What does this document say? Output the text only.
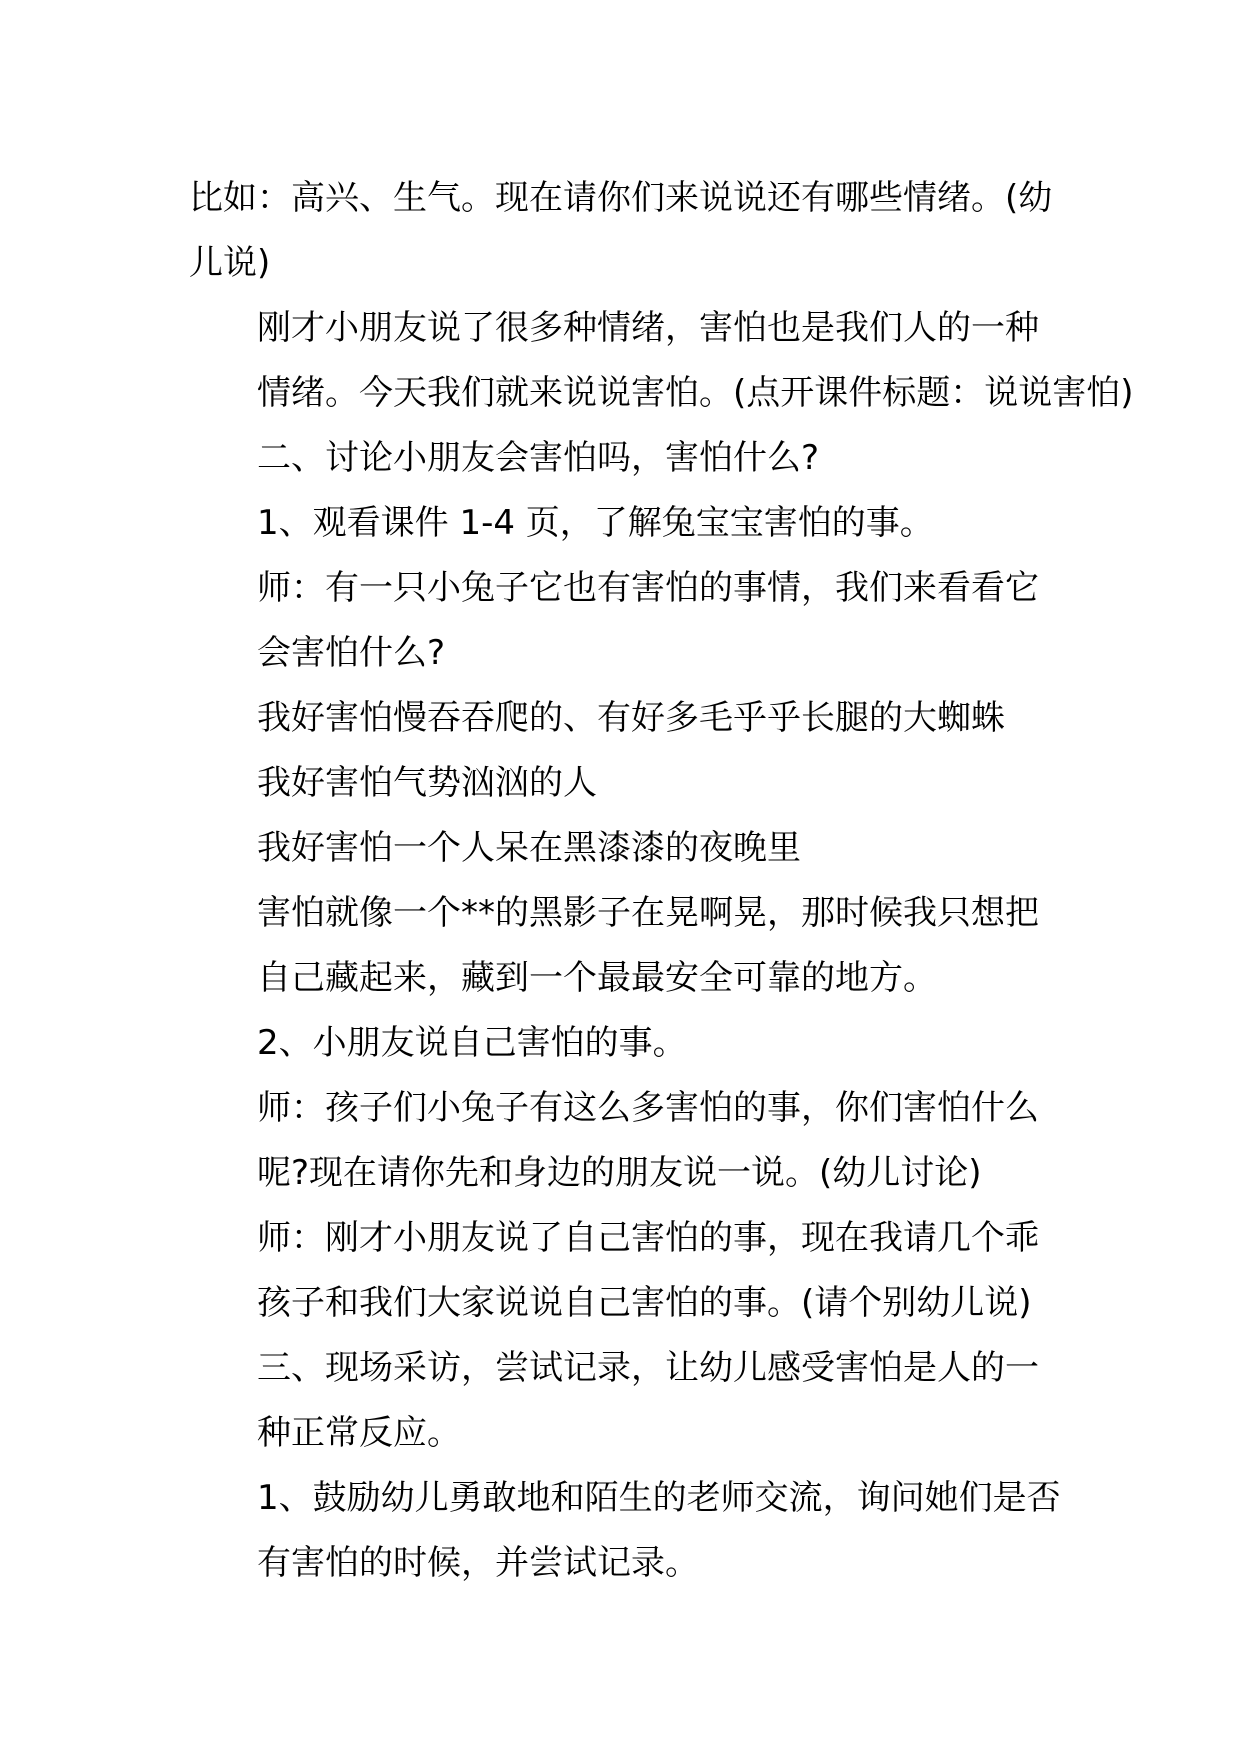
比如：高兴、生气。现在请你们来说说还有哪些情绪。(幼
儿说)

刚才小朋友说了很多种情绪，害怕也是我们人的一种
情绪。今天我们就来说说害怕。(点开课件标题：说说害怕)

二、讨论小朋友会害怕吗，害怕什么?

1、观看课件 1-4 页，了解兔宝宝害怕的事。

师：有一只小兔子它也有害怕的事情，我们来看看它
会害怕什么?

我好害怕慢吞吞爬的、有好多毛乎乎长腿的大蜘蛛

我好害怕气势汹汹的人

我好害怕一个人呆在黑漆漆的夜晚里

害怕就像一个**的黑影子在晃啊晃，那时候我只想把
自己藏起来，藏到一个最最安全可靠的地方。

2、小朋友说自己害怕的事。

师：孩子们小兔子有这么多害怕的事，你们害怕什么
呢?现在请你先和身边的朋友说一说。(幼儿讨论)

师：刚才小朋友说了自己害怕的事，现在我请几个乖
孩子和我们大家说说自己害怕的事。(请个别幼儿说)

三、现场采访，尝试记录，让幼儿感受害怕是人的一
种正常反应。

1、鼓励幼儿勇敢地和陌生的老师交流，询问她们是否
有害怕的时候，并尝试记录。
